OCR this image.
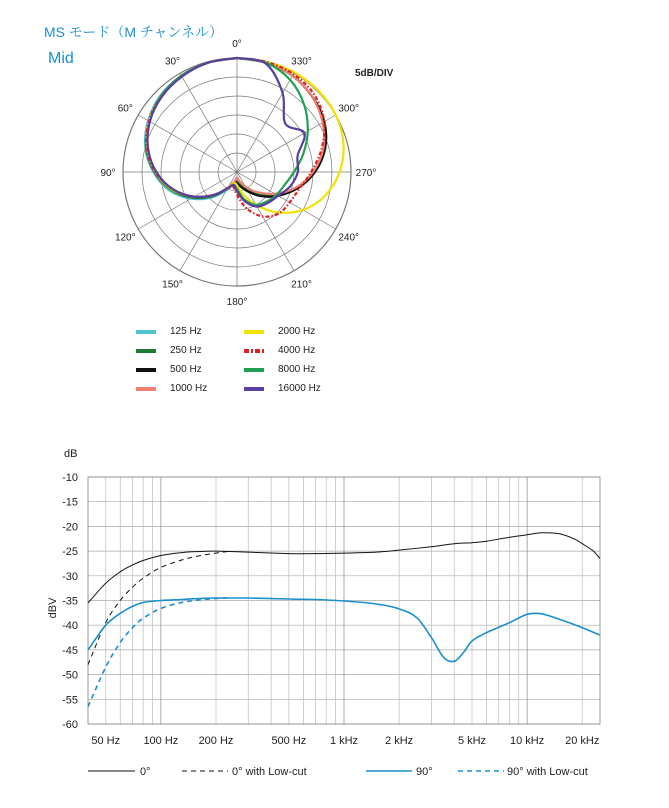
MS モード（M チャンネル）
Mid
0°
30°
60°
90°
120°
150°
180°
210°
240°
270°
300°
330°
5dB/DIV
125 Hz
250 Hz
500 Hz
1000 Hz
2000 Hz
4000 Hz
8000 Hz
16000 Hz
dB
-10
-15
-20
-25
-30
-35
-40
-45
-50
-55
-60
50 Hz 100 Hz 200 Hz	500 Hz 1 kHz 2 kHz	5 kHz 10 kHz 20 kHz
dBV
0°	0° with Low-cut	90°	90° with Low-cut
